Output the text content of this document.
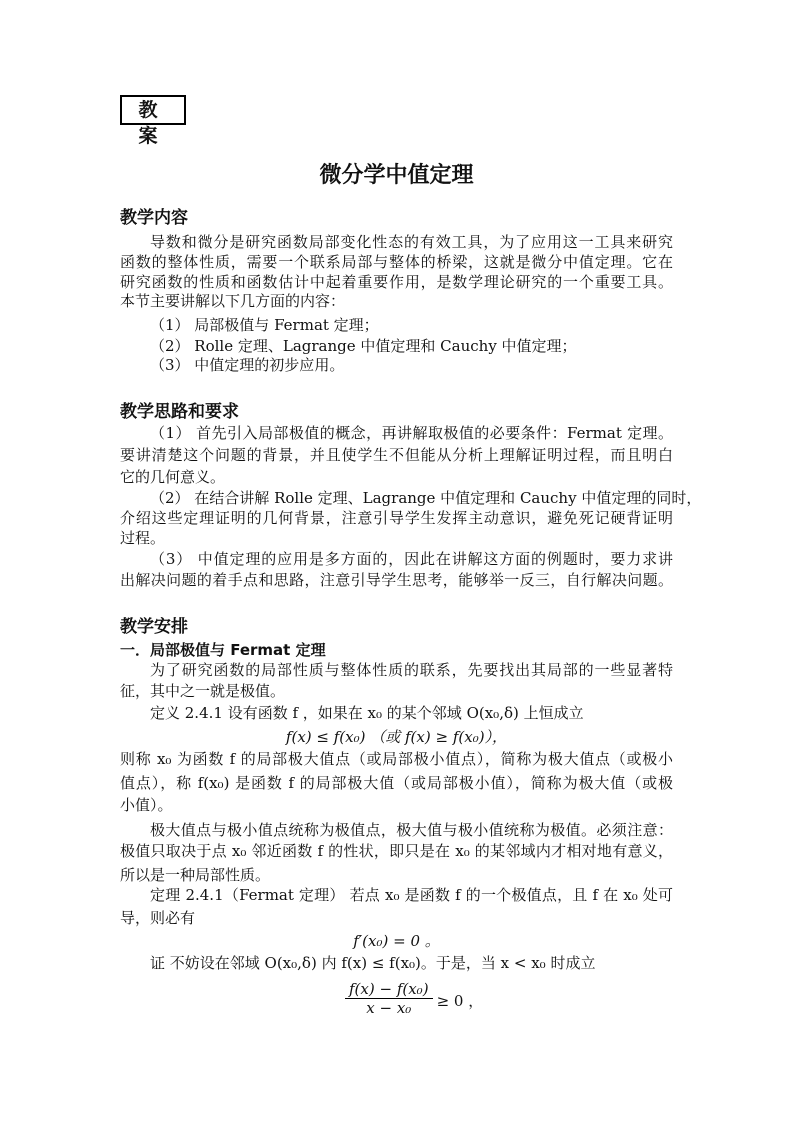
教 案
微分学中值定理
教学内容
导数和微分是研究函数局部变化性态的有效工具，为了应用这一工具来研究
函数的整体性质，需要一个联系局部与整体的桥梁，这就是微分中值定理。它在
研究函数的性质和函数估计中起着重要作用，是数学理论研究的一个重要工具。
本节主要讲解以下几方面的内容：
（1） 局部极值与 Fermat 定理；
（2） Rolle 定理、Lagrange 中值定理和 Cauchy 中值定理；
（3） 中值定理的初步应用。
教学思路和要求
（1） 首先引入局部极值的概念，再讲解取极值的必要条件：Fermat 定理。
要讲清楚这个问题的背景，并且使学生不但能从分析上理解证明过程，而且明白
它的几何意义。
（2） 在结合讲解 Rolle 定理、Lagrange 中值定理和 Cauchy 中值定理的同时，
介绍这些定理证明的几何背景，注意引导学生发挥主动意识，避免死记硬背证明
过程。
（3） 中值定理的应用是多方面的，因此在讲解这方面的例题时，要力求讲
出解决问题的着手点和思路，注意引导学生思考，能够举一反三，自行解决问题。
教学安排
一．局部极值与 Fermat 定理
为了研究函数的局部性质与整体性质的联系，先要找出其局部的一些显著特
征，其中之一就是极值。
定义 2.4.1 设有函数 f ，如果在 x₀ 的某个邻域 O(x₀,δ) 上恒成立
f(x) ≤ f(x₀) （或 f(x) ≥ f(x₀)），
则称 x₀ 为函数 f 的局部极大值点（或局部极小值点），简称为极大值点（或极小
值点），称 f(x₀) 是函数 f 的局部极大值（或局部极小值），简称为极大值（或极
小值）。
极大值点与极小值点统称为极值点，极大值与极小值统称为极值。必须注意：
极值只取决于点 x₀ 邻近函数 f 的性状，即只是在 x₀ 的某邻域内才相对地有意义，
所以是一种局部性质。
定理 2.4.1（Fermat 定理） 若点 x₀ 是函数 f 的一个极值点，且 f 在 x₀ 处可
导，则必有
f′(x₀) = 0 。
证 不妨设在邻域 O(x₀,δ) 内 f(x) ≤ f(x₀)。于是，当 x < x₀ 时成立
f(x) − f(x₀)
x − x₀	≥ 0 ，
